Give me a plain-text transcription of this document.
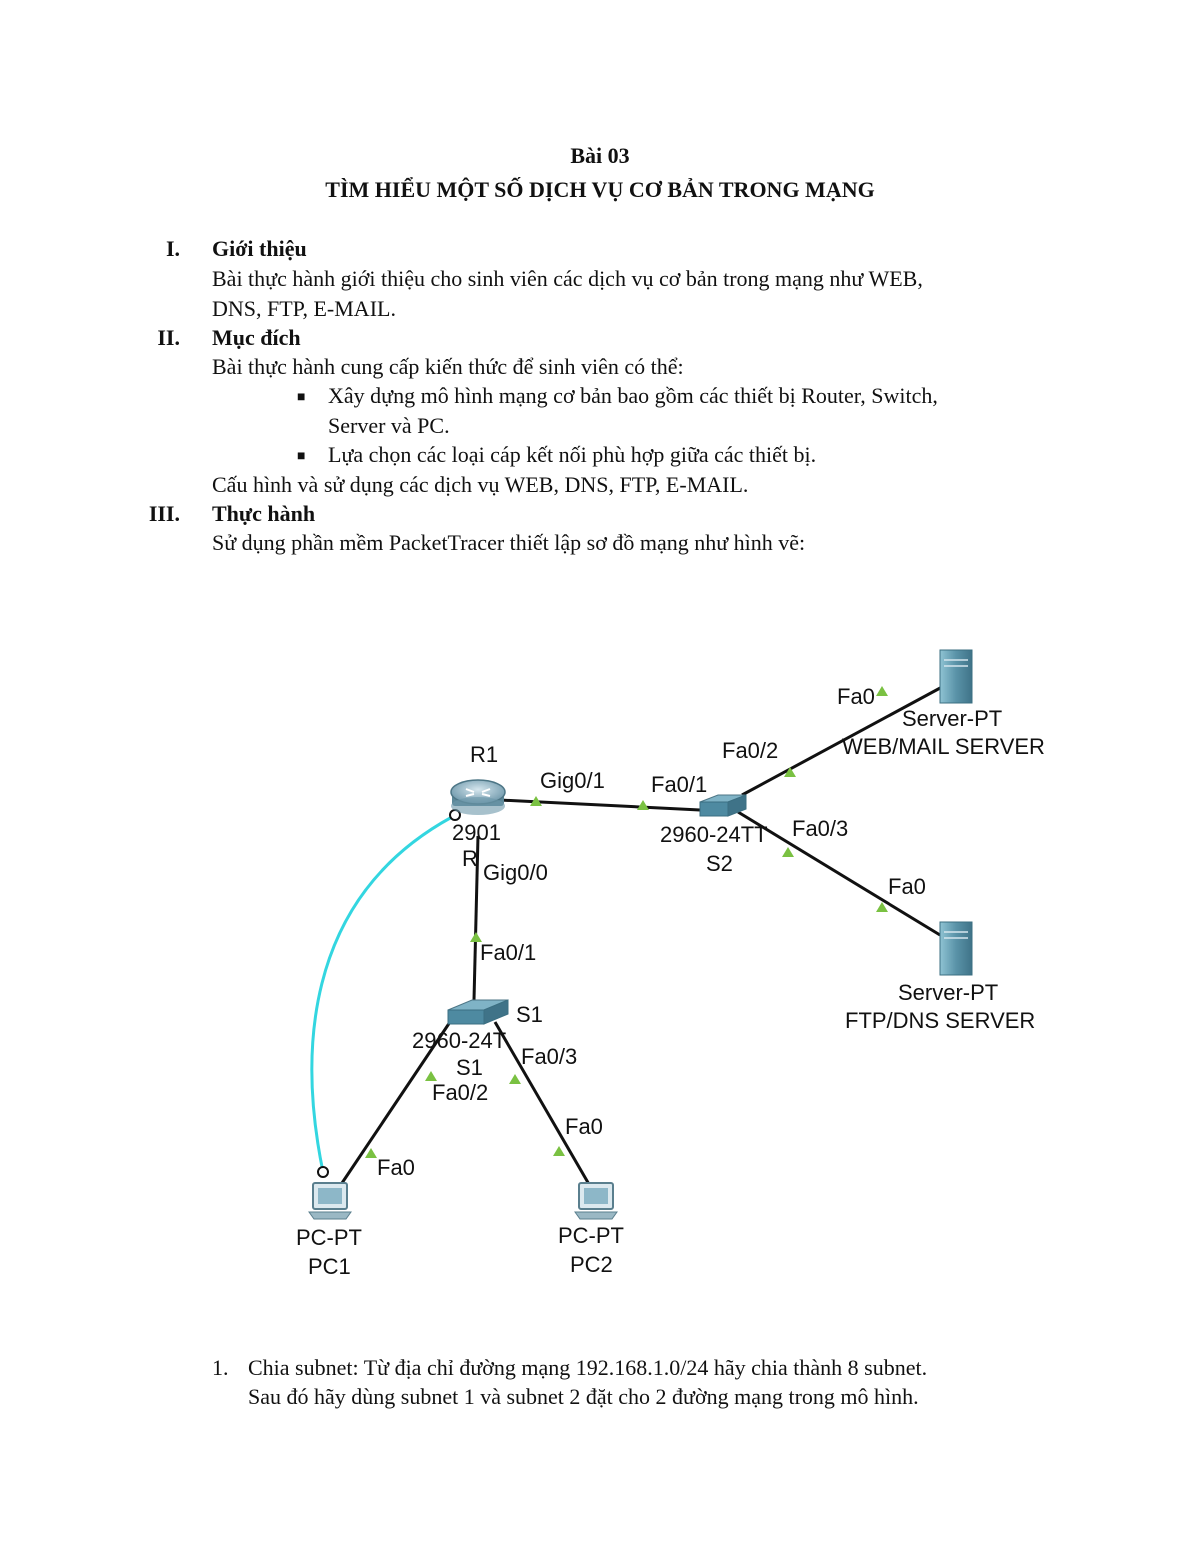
Bài 03
TÌM HIỂU MỘT SỐ DỊCH VỤ CƠ BẢN TRONG MẠNG
I. Giới thiệu
Bài thực hành giới thiệu cho sinh viên các dịch vụ cơ bản trong mạng như WEB,
DNS, FTP, E-MAIL.
II. Mục đích
Bài thực hành cung cấp kiến thức để sinh viên có thể:
■ Xây dựng mô hình mạng cơ bản bao gồm các thiết bị Router, Switch,
Server và PC.
■ Lựa chọn các loại cáp kết nối phù hợp giữa các thiết bị.
Cấu hình và sử dụng các dịch vụ WEB, DNS, FTP, E-MAIL.
III. Thực hành
Sử dụng phần mềm PacketTracer thiết lập sơ đồ mạng như hình vẽ:
R1
2901
R
2960-24TT
S2
S1
2960-24T
S1
Server-PT
WEB/MAIL SERVER
Server-PT
FTP/DNS SERVER
PC-PT
PC1
PC-PT
PC2
Gig0/1 Fa0/1
Fa0/2
Fa0
Fa0/3
Fa0
Gig0/0
Fa0/1
Fa0/3
Fa0/2
Fa0
Fa0
1. Chia subnet: Từ địa chỉ đường mạng 192.168.1.0/24 hãy chia thành 8 subnet.
Sau đó hãy dùng subnet 1 và subnet 2 đặt cho 2 đường mạng trong mô hình.
